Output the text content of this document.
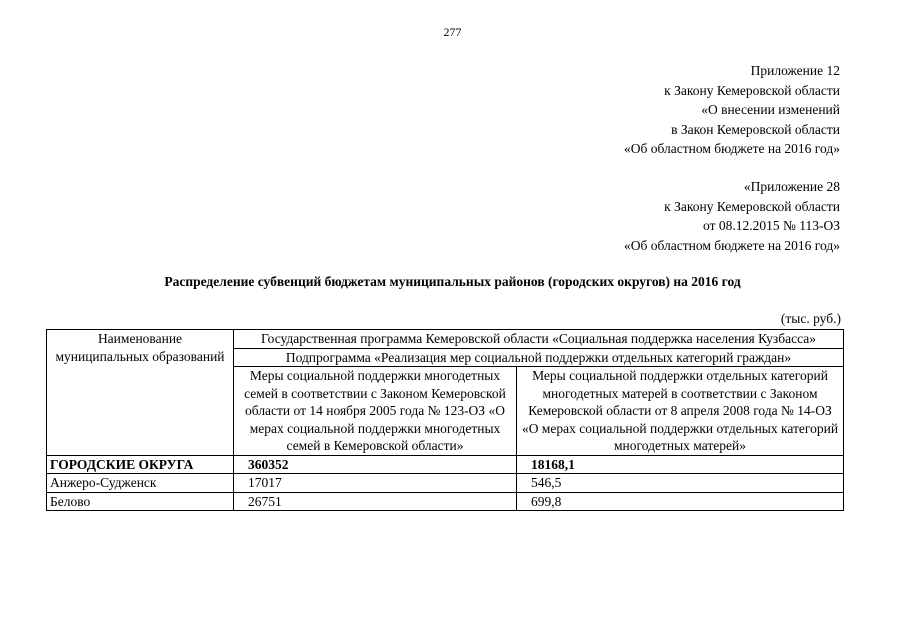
277
Приложение 12
к Закону Кемеровской области
«О внесении изменений
в Закон Кемеровской области
«Об областном бюджете на 2016 год»
«Приложение 28
к Закону Кемеровской области
от 08.12.2015 № 113-ОЗ
«Об областном бюджете на 2016 год»
Распределение субвенций бюджетам муниципальных районов (городских округов) на 2016 год
(тыс. руб.)
Наименование муниципальных образований	Государственная программа Кемеровской области «Социальная поддержка населения Кузбасса»	
	Подпрограмма «Реализация мер социальной поддержки отдельных категорий граждан»	
	Меры социальной поддержки многодетных семей в соответствии с Законом Кемеровской области от 14 ноября 2005 года № 123-ОЗ «О мерах социальной поддержки многодетных семей в Кемеровской области»	Меры социальной поддержки отдельных категорий многодетных матерей в соответствии с Законом Кемеровской области от 8 апреля 2008 года № 14-ОЗ «О мерах социальной поддержки отдельных категорий многодетных матерей»
ГОРОДСКИЕ ОКРУГА	360352	18168,1
Анжеро-Судженск	17017	546,5
Белово	26751	699,8
